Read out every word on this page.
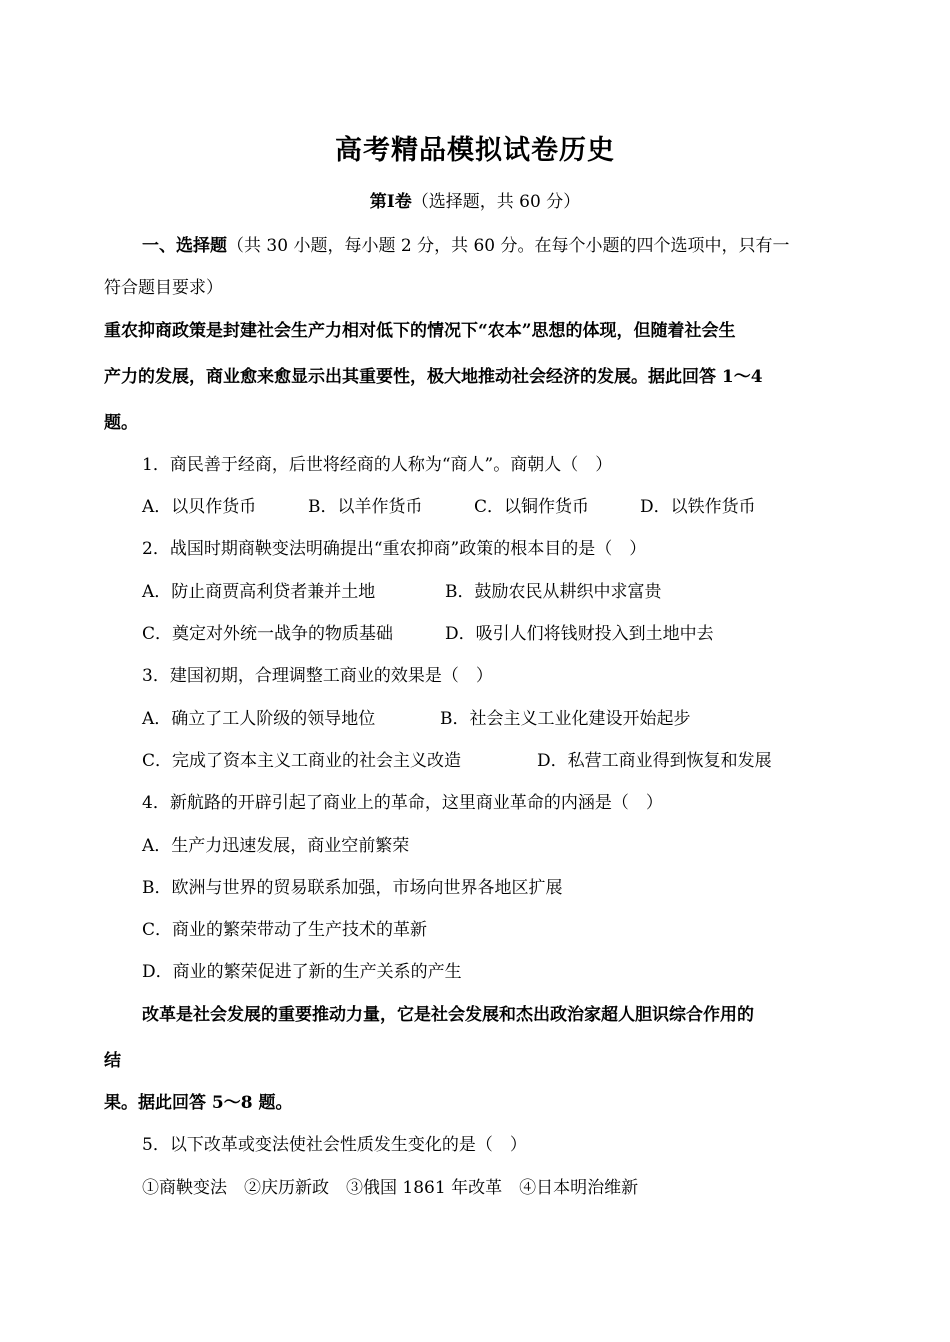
高考精品模拟试卷历史
第Ⅰ卷（选择题，共 60 分）
一、选择题（共 30 小题，每小题 2 分，共 60 分。在每个小题的四个选项中，只有一
符合题目要求）
重农抑商政策是封建社会生产力相对低下的情况下“农本”思想的体现，但随着社会生
产力的发展，商业愈来愈显示出其重要性，极大地推动社会经济的发展。据此回答 1～4
题。
1．商民善于经商，后世将经商的人称为“商人”。商朝人（　）
A．以贝作货币	B．以羊作货币	C．以铜作货币	D．以铁作货币
2．战国时期商鞅变法明确提出“重农抑商”政策的根本目的是（　）
A．防止商贾高利贷者兼并土地	B．鼓励农民从耕织中求富贵
C．奠定对外统一战争的物质基础	D．吸引人们将钱财投入到土地中去
3．建国初期，合理调整工商业的效果是（　）
A．确立了工人阶级的领导地位	B．社会主义工业化建设开始起步
C．完成了资本主义工商业的社会主义改造	D．私营工商业得到恢复和发展
4．新航路的开辟引起了商业上的革命，这里商业革命的内涵是（　）
A．生产力迅速发展，商业空前繁荣
B．欧洲与世界的贸易联系加强，市场向世界各地区扩展
C．商业的繁荣带动了生产技术的革新
D．商业的繁荣促进了新的生产关系的产生
改革是社会发展的重要推动力量，它是社会发展和杰出政治家超人胆识综合作用的
结
果。据此回答 5～8 题。
5．以下改革或变法使社会性质发生变化的是（　）
①商鞅变法　②庆历新政　③俄国 1861 年改革　④日本明治维新
